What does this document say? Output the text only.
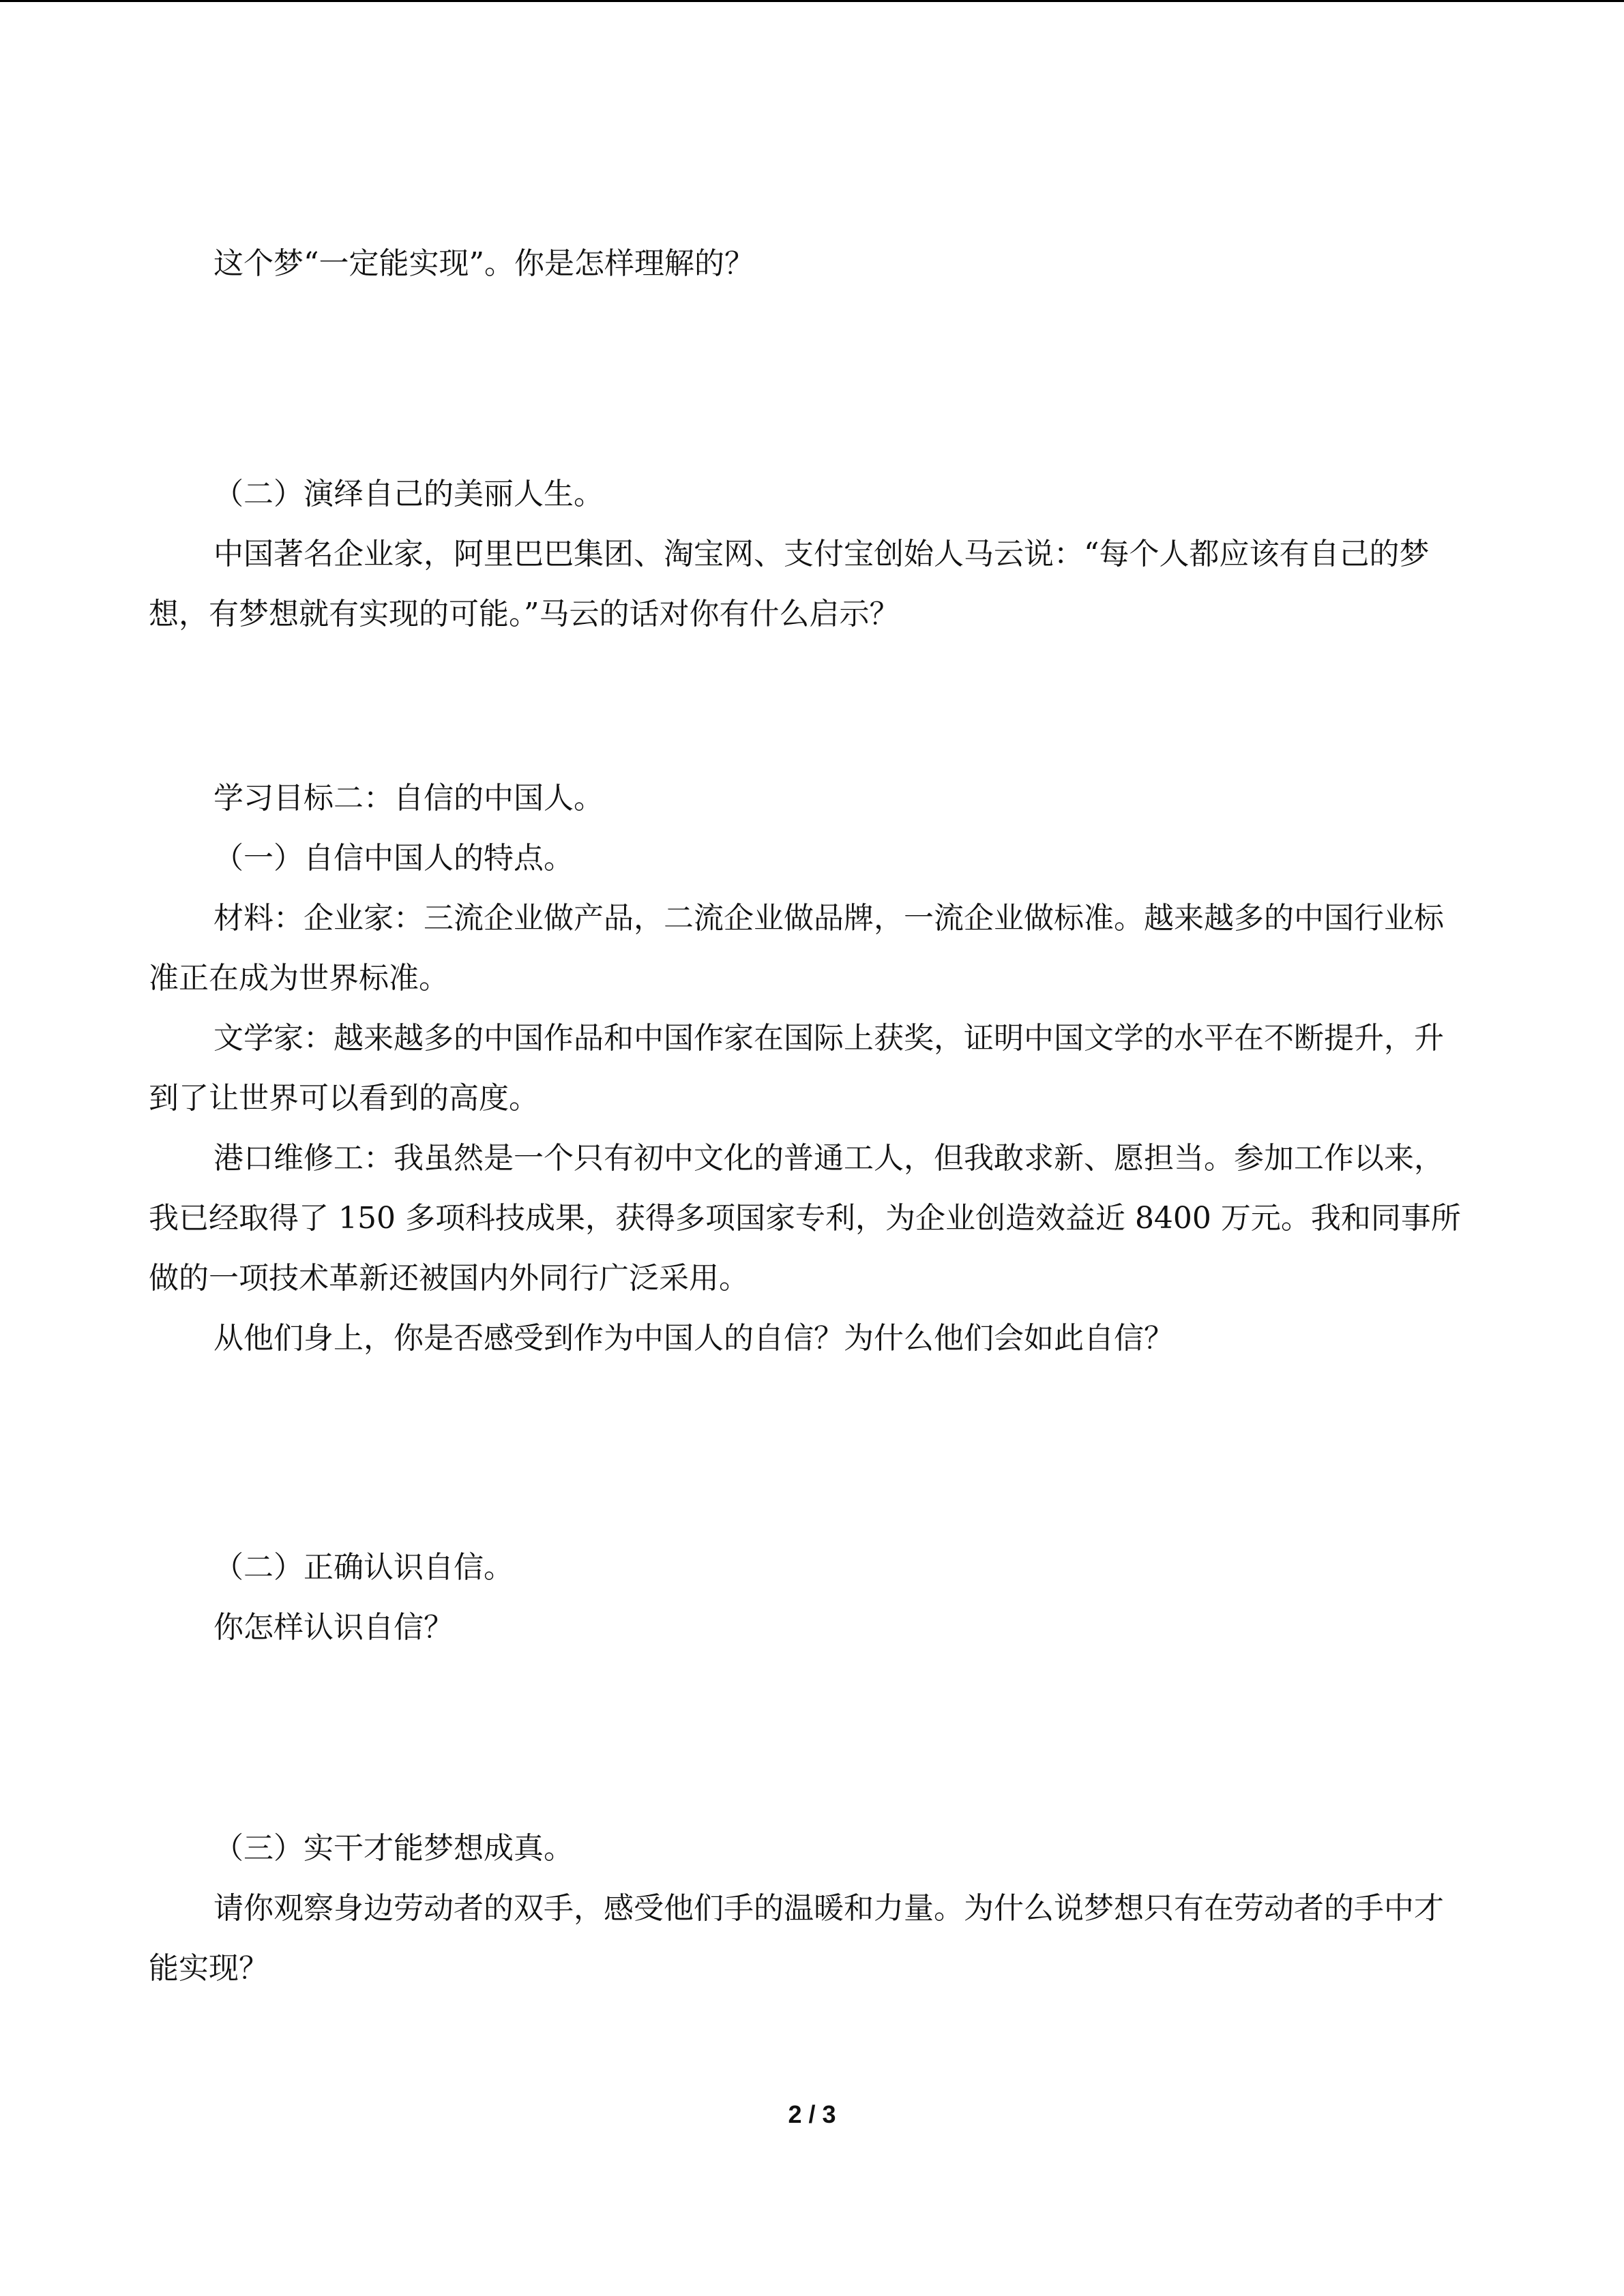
这个梦“一定能实现”。你是怎样理解的？

（二）演绎自己的美丽人生。

中国著名企业家，阿里巴巴集团、淘宝网、支付宝创始人马云说：“每个人都应该有自己的梦想，有梦想就有实现的可能。”马云的话对你有什么启示？

学习目标二：自信的中国人。

（一）自信中国人的特点。

材料：企业家：三流企业做产品，二流企业做品牌，一流企业做标准。越来越多的中国行业标准正在成为世界标准。

文学家：越来越多的中国作品和中国作家在国际上获奖，证明中国文学的水平在不断提升，升到了让世界可以看到的高度。

港口维修工：我虽然是一个只有初中文化的普通工人，但我敢求新、愿担当。参加工作以来，我已经取得了 150 多项科技成果，获得多项国家专利，为企业创造效益近 8400 万元。我和同事所做的一项技术革新还被国内外同行广泛采用。

从他们身上，你是否感受到作为中国人的自信？为什么他们会如此自信？

（二）正确认识自信。

你怎样认识自信？

（三）实干才能梦想成真。

请你观察身边劳动者的双手，感受他们手的温暖和力量。为什么说梦想只有在劳动者的手中才能实现？

2 / 3
